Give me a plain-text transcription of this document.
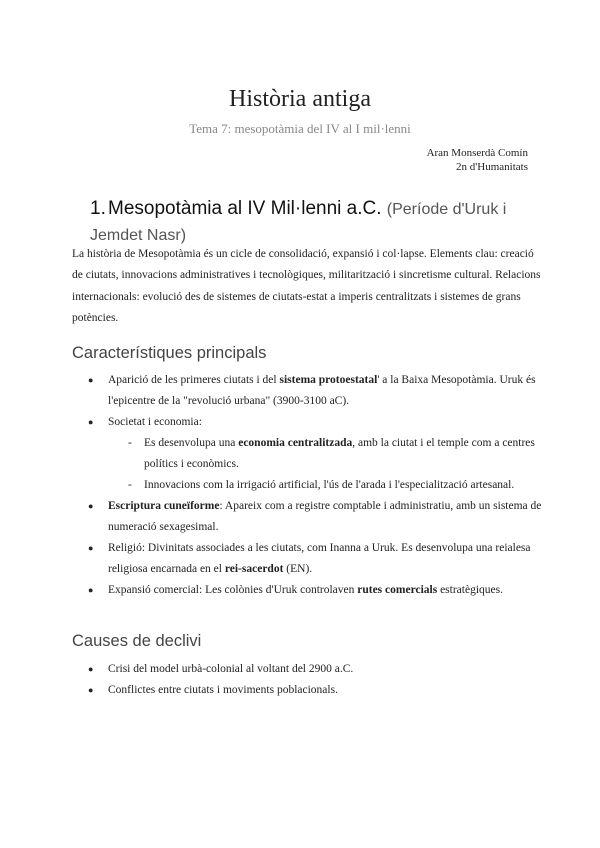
Història antiga
Tema 7: mesopotàmia del IV al I mil·lenni
Aran Monserdà Comín
2n d'Humanitats
1. Mesopotàmia al IV Mil·lenni a.C. (Període d'Uruk i Jemdet Nasr)
La història de Mesopotàmia és un cicle de consolidació, expansió i col·lapse. Elements clau: creació de ciutats, innovacions administratives i tecnològiques, militarització i sincretisme cultural. Relacions internacionals: evolució des de sistemes de ciutats-estat a imperis centralitzats i sistemes de grans potències.
Característiques principals
● Aparició de les primeres ciutats i del sistema protoestatal' a la Baixa Mesopotàmia. Uruk és l'epicentre de la "revolució urbana" (3900-3100 aC).
● Societat i economia:
- Es desenvolupa una economia centralitzada, amb la ciutat i el temple com a centres polítics i econòmics.
- Innovacions com la irrigació artificial, l'ús de l'arada i l'especialització artesanal.
● Escriptura cuneïforme: Apareix com a registre comptable i administratiu, amb un sistema de numeració sexagesimal.
● Religió: Divinitats associades a les ciutats, com Inanna a Uruk. Es desenvolupa una reialesa religiosa encarnada en el rei-sacerdot (EN).
● Expansió comercial: Les colònies d'Uruk controlaven rutes comercials estratègiques.
Causes de declivi
● Crisi del model urbà-colonial al voltant del 2900 a.C.
● Conflictes entre ciutats i moviments poblacionals.
